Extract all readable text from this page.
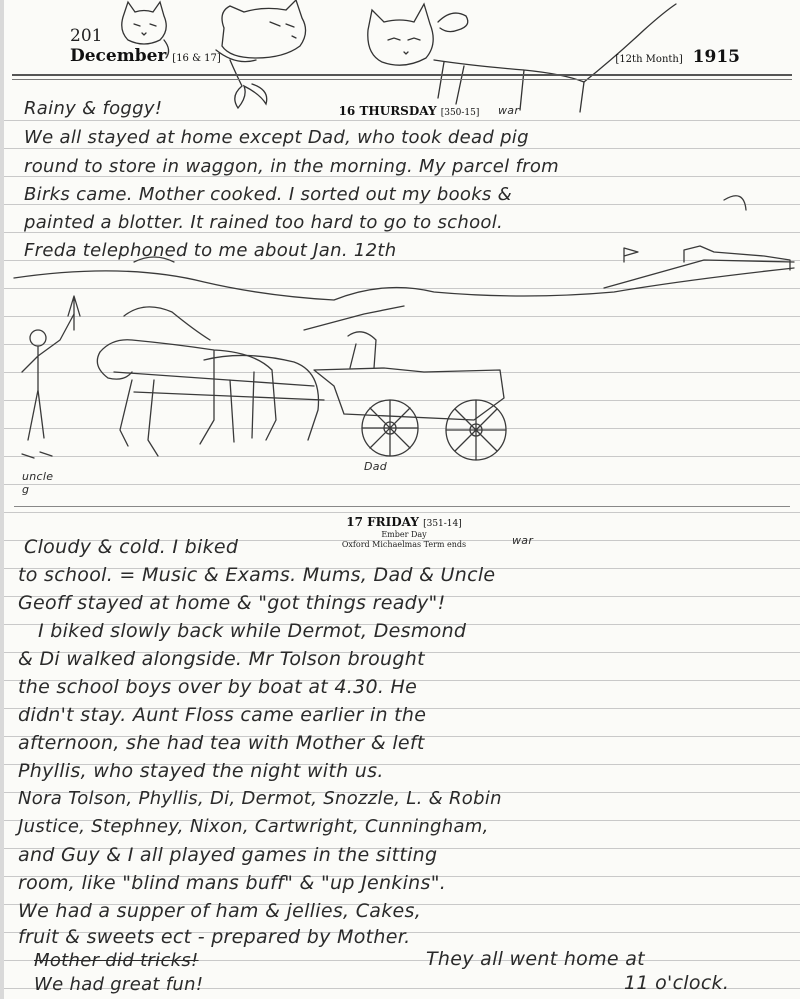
201
December [16 & 17]	[12th Month] 1915
16 THURSDAY [350-15]	war
Rainy & foggy!
We all stayed at home except Dad, who took dead pig
round to store in waggon, in the morning. My parcel from
Birks came. Mother cooked. I sorted out my books &
painted a blotter. It rained too hard to go to school.
Freda telephoned to me about Jan. 12th
uncle g
Dad
17 FRIDAY [351-14]
Ember Day
Oxford Michaelmas Term ends	war
Cloudy & cold. I biked
to school. = Music & Exams. Mums, Dad & Uncle
Geoff stayed at home & "got things ready"!
I biked slowly back while Dermot, Desmond
& Di walked alongside. Mr Tolson brought
the school boys over by boat at 4.30. He
didn't stay. Aunt Floss came earlier in the
afternoon, she had tea with Mother & left
Phyllis, who stayed the night with us.
Nora Tolson, Phyllis, Di, Dermot, Snozzle, L. & Robin
Justice, Stephney, Nixon, Cartwright, Cunningham,
and Guy & I all played games in the sitting
room, like "blind mans buff" & "up Jenkins".
We had a supper of ham & jellies, Cakes,
fruit & sweets ect - prepared by Mother.
Mother did tricks!	They all went home at
We had great fun!	11 o'clock.
